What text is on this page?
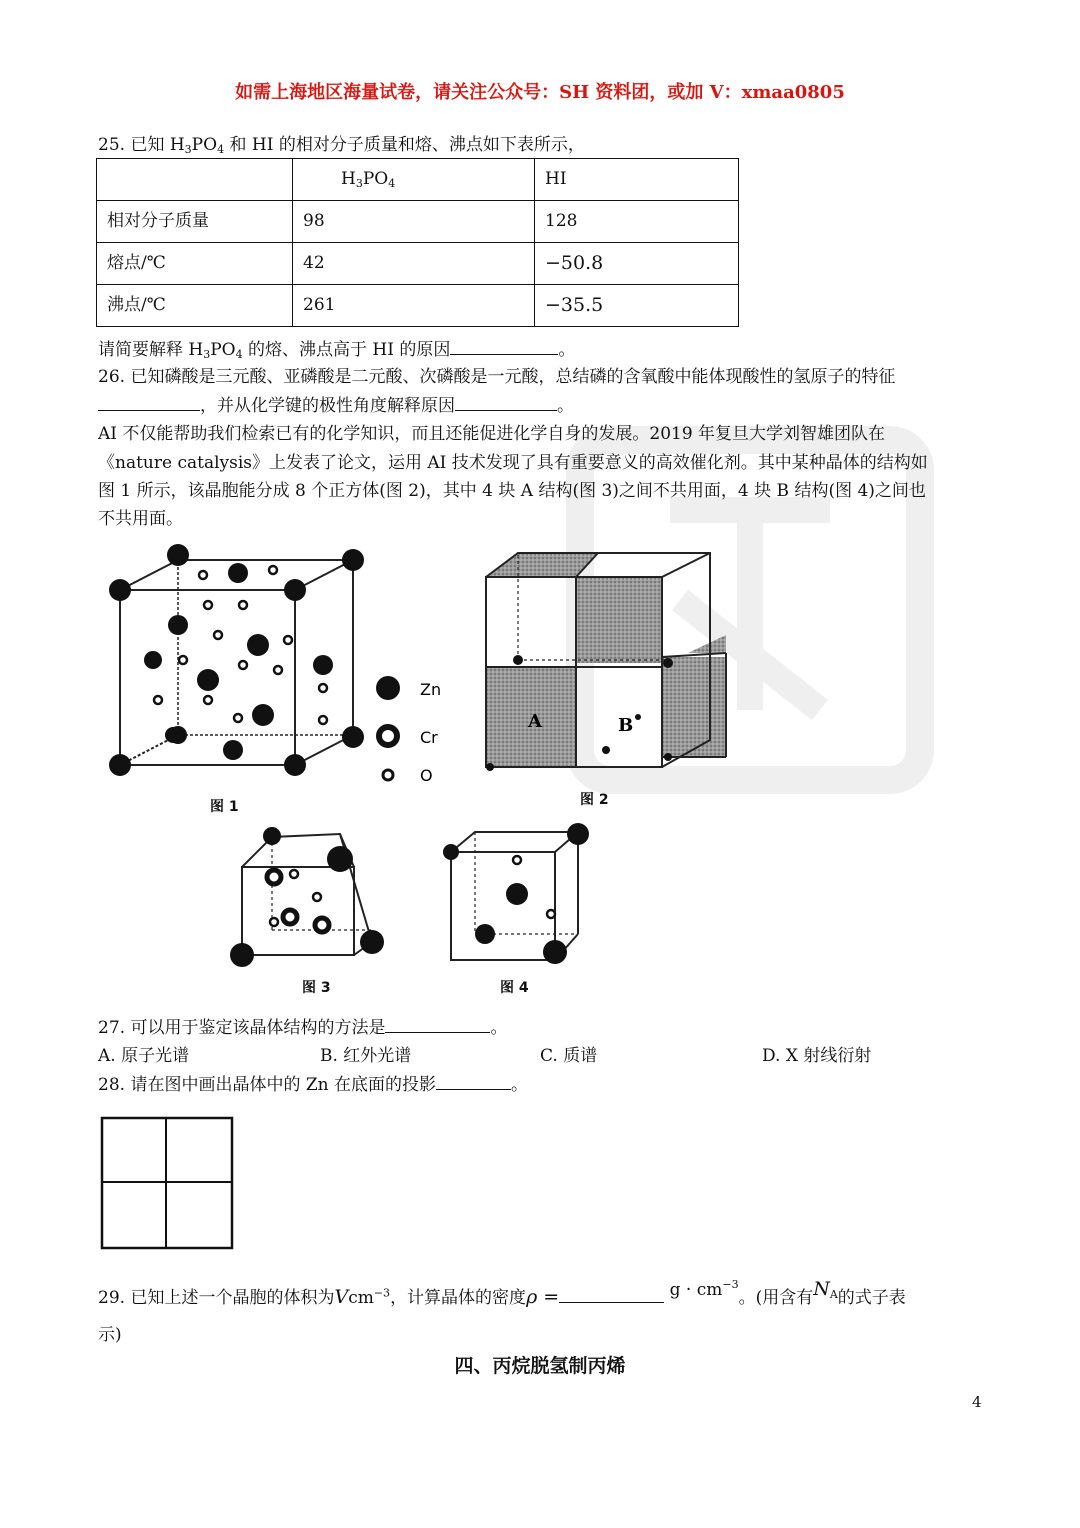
如需上海地区海量试卷，请关注公众号：SH 资料团，或加 V：xmaa0805
25. 已知 $H_3PO_4$ 和 HI 的相对分子质量和熔、沸点如下表所示，
	$H_3PO_4$	HI
相对分子质量	98	128
熔点/℃	42	−50.8
沸点/℃	261	−35.5
请简要解释 $H_3PO_4$ 的熔、沸点高于 HI 的原因	。
26. 已知磷酸是三元酸、亚磷酸是二元酸、次磷酸是一元酸，总结磷的含氧酸中能体现酸性的氢原子的特征
，并从化学键的极性角度解释原因	。
AI 不仅能帮助我们检索已有的化学知识，而且还能促进化学自身的发展。2019 年复旦大学刘智雄团队在
《nature catalysis》上发表了论文，运用 AI 技术发现了具有重要意义的高效催化剂。其中某种晶体的结构如
图 1 所示，该晶胞能分成 8 个正方体(图 2)，其中 4 块 A 结构(图 3)之间不共用面，4 块 B 结构(图 4)之间也
不共用面。
Zn
Cr
O
图 1
A	B
图 2
图 3	图 4
27. 可以用于鉴定该晶体结构的方法是	。
A. 原子光谱	B. 红外光谱	C. 质谱	D. X 射线衍射
28. 请在图中画出晶体中的 Zn 在底面的投影	。
29. 已知上述一个晶胞的体积为Vcm$^{-3}$，计算晶体的密度ρ =	$g \cdot cm^{-3}$。(用含有$N_A$的式子表
示)
四、丙烷脱氢制丙烯
4
